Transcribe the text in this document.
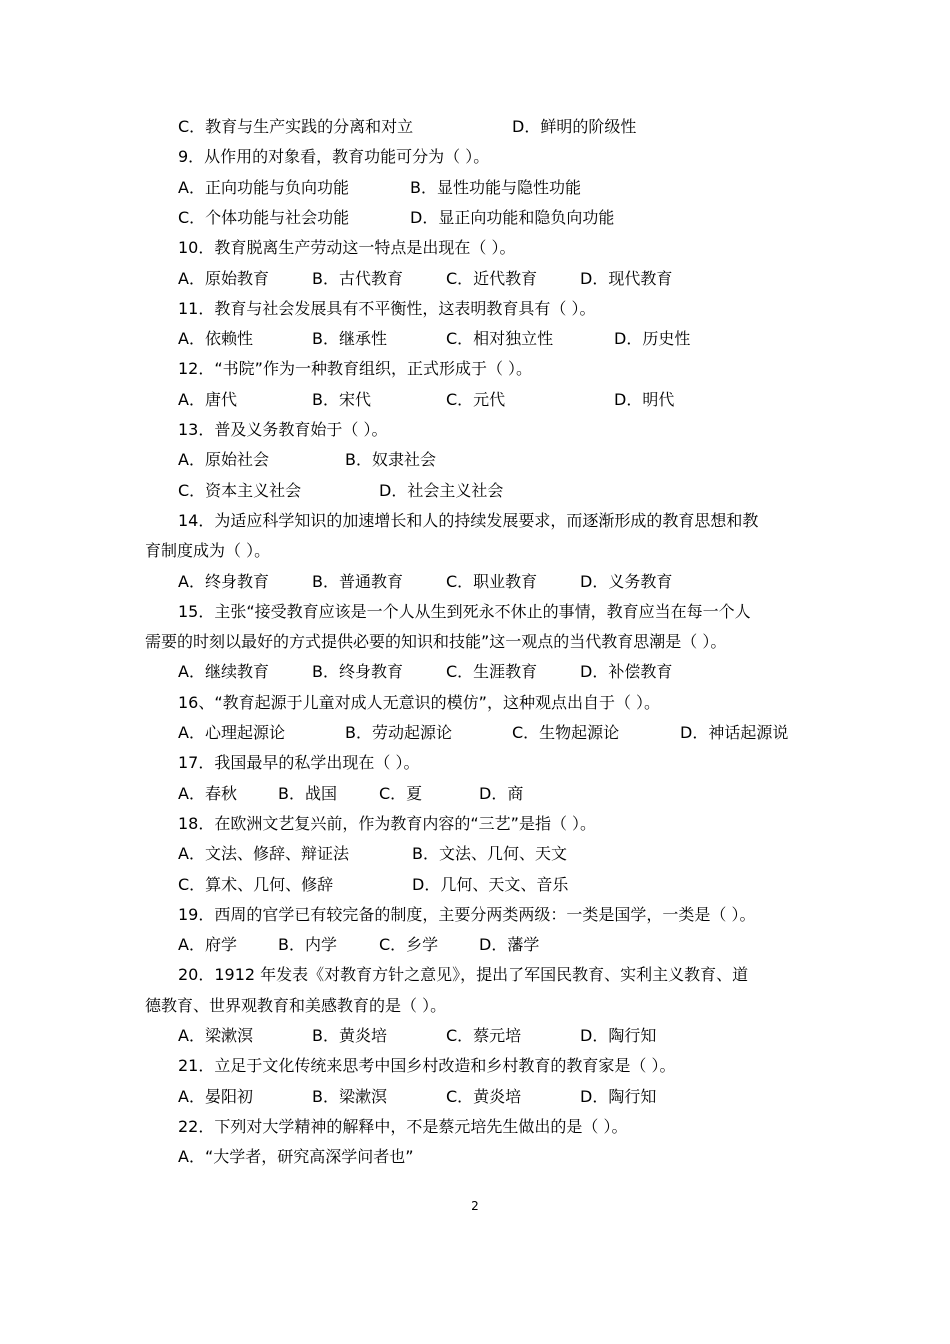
C．教育与生产实践的分离和对立	D．鲜明的阶级性
9．从作用的对象看，教育功能可分为（ ）。
A．正向功能与负向功能	B．显性功能与隐性功能
C．个体功能与社会功能	D．显正向功能和隐负向功能
10．教育脱离生产劳动这一特点是出现在（ ）。
A．原始教育	B．古代教育	C．近代教育	D．现代教育
11．教育与社会发展具有不平衡性，这表明教育具有（ ）。
A．依赖性	B．继承性	C．相对独立性	D．历史性
12．“书院”作为一种教育组织，正式形成于（ ）。
A．唐代	B．宋代	C．元代	D．明代
13．普及义务教育始于（ ）。
A．原始社会	B．奴隶社会
C．资本主义社会	D．社会主义社会
14．为适应科学知识的加速增长和人的持续发展要求，而逐渐形成的教育思想和教
育制度成为（ ）。
A．终身教育	B．普通教育	C．职业教育	D．义务教育
15．主张“接受教育应该是一个人从生到死永不休止的事情，教育应当在每一个人
需要的时刻以最好的方式提供必要的知识和技能”这一观点的当代教育思潮是（ ）。
A．继续教育	B．终身教育	C．生涯教育	D．补偿教育
16、“教育起源于儿童对成人无意识的模仿”，这种观点出自于（ ）。
A．心理起源论	B．劳动起源论	C．生物起源论	D．神话起源说
17．我国最早的私学出现在（ ）。
A．春秋	B．战国	C．夏	D．商
18．在欧洲文艺复兴前，作为教育内容的“三艺”是指（ ）。
A．文法、修辞、辩证法	B．文法、几何、天文
C．算术、几何、修辞	D．几何、天文、音乐
19．西周的官学已有较完备的制度，主要分两类两级：一类是国学，一类是（ ）。
A．府学	B．内学	C．乡学	D．藩学
20．1912 年发表《对教育方针之意见》，提出了军国民教育、实利主义教育、道
德教育、世界观教育和美感教育的是（ ）。
A．梁漱溟	B．黄炎培	C．蔡元培	D．陶行知
21．立足于文化传统来思考中国乡村改造和乡村教育的教育家是（ ）。
A．晏阳初	B．梁漱溟	C．黄炎培	D．陶行知
22．下列对大学精神的解释中，不是蔡元培先生做出的是（ ）。
A．“大学者，研究高深学问者也”
2
